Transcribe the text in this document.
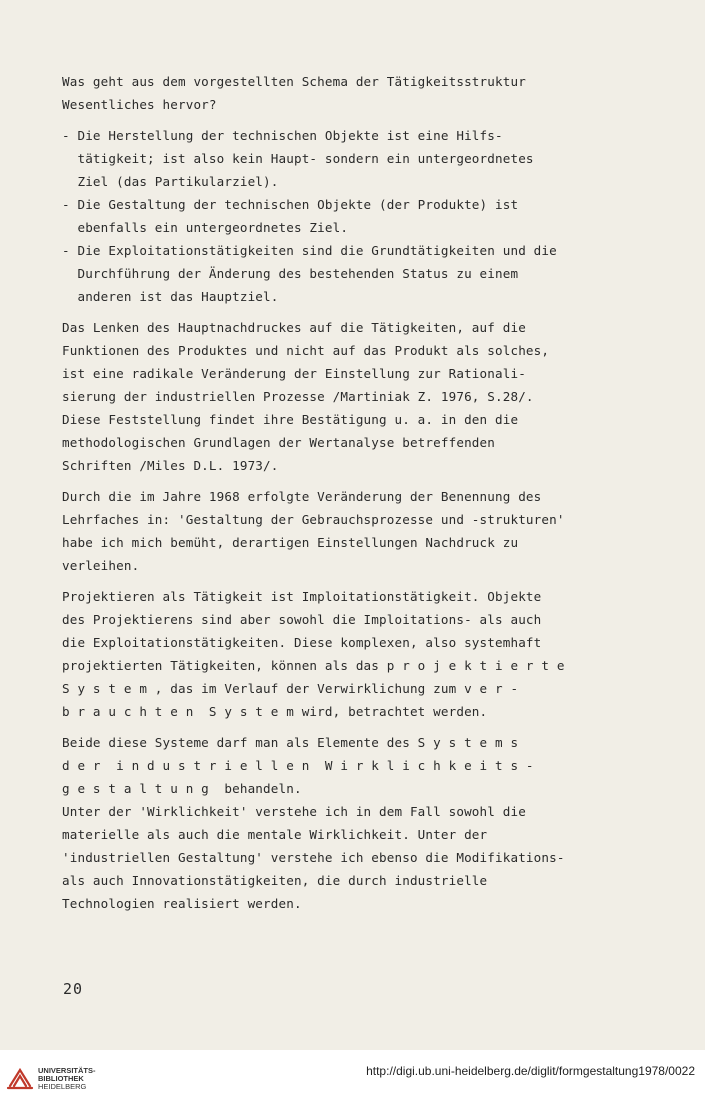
Was geht aus dem vorgestellten Schema der Tätigkeitsstruktur
Wesentliches hervor?
- Die Herstellung der technischen Objekte ist eine Hilfs-
tätigkeit; ist also kein Haupt- sondern ein untergeordnetes
Ziel (das Partikularziel).
- Die Gestaltung der technischen Objekte (der Produkte) ist
ebenfalls ein untergeordnetes Ziel.
- Die Exploitationstätigkeiten sind die Grundtätigkeiten und die
Durchführung der Änderung des bestehenden Status zu einem
anderen ist das Hauptziel.
Das Lenken des Hauptnachdruckes auf die Tätigkeiten, auf die
Funktionen des Produktes und nicht auf das Produkt als solches,
ist eine radikale Veränderung der Einstellung zur Rationali-
sierung der industriellen Prozesse /Martiniak Z. 1976, S.28/.
Diese Feststellung findet ihre Bestätigung u. a. in den die
methodologischen Grundlagen der Wertanalyse betreffenden
Schriften /Miles D.L. 1973/.
Durch die im Jahre 1968 erfolgte Veränderung der Benennung des
Lehrfaches in: 'Gestaltung der Gebrauchsprozesse und -strukturen'
habe ich mich bemüht, derartigen Einstellungen Nachdruck zu
verleihen.
Projektieren als Tätigkeit ist Imploitationstätigkeit. Objekte
des Projektierens sind aber sowohl die Imploitations- als auch
die Exploitationstätigkeiten. Diese komplexen, also systemhaft
projektierten Tätigkeiten, können als das p r o j e k t i e r t e
S y s t e m , das im Verlauf der Verwirklichung zum v e r -
b r a u c h t e n  S y s t e m wird, betrachtet werden.
Beide diese Systeme darf man als Elemente des S y s t e m s
d e r  i n d u s t r i e l l e n  W i r k l i c h k e i t s -
g e s t a l t u n g  behandeln.
Unter der 'Wirklichkeit' verstehe ich in dem Fall sowohl die
materielle als auch die mentale Wirklichkeit. Unter der
'industriellen Gestaltung' verstehe ich ebenso die Modifikations-
als auch Innovationstätigkeiten, die durch industrielle
Technologien realisiert werden.
20
UNIVERSITÄTS-
BIBLIOTHEK
HEIDELBERG
http://digi.ub.uni-heidelberg.de/diglit/formgestaltung1978/0022
